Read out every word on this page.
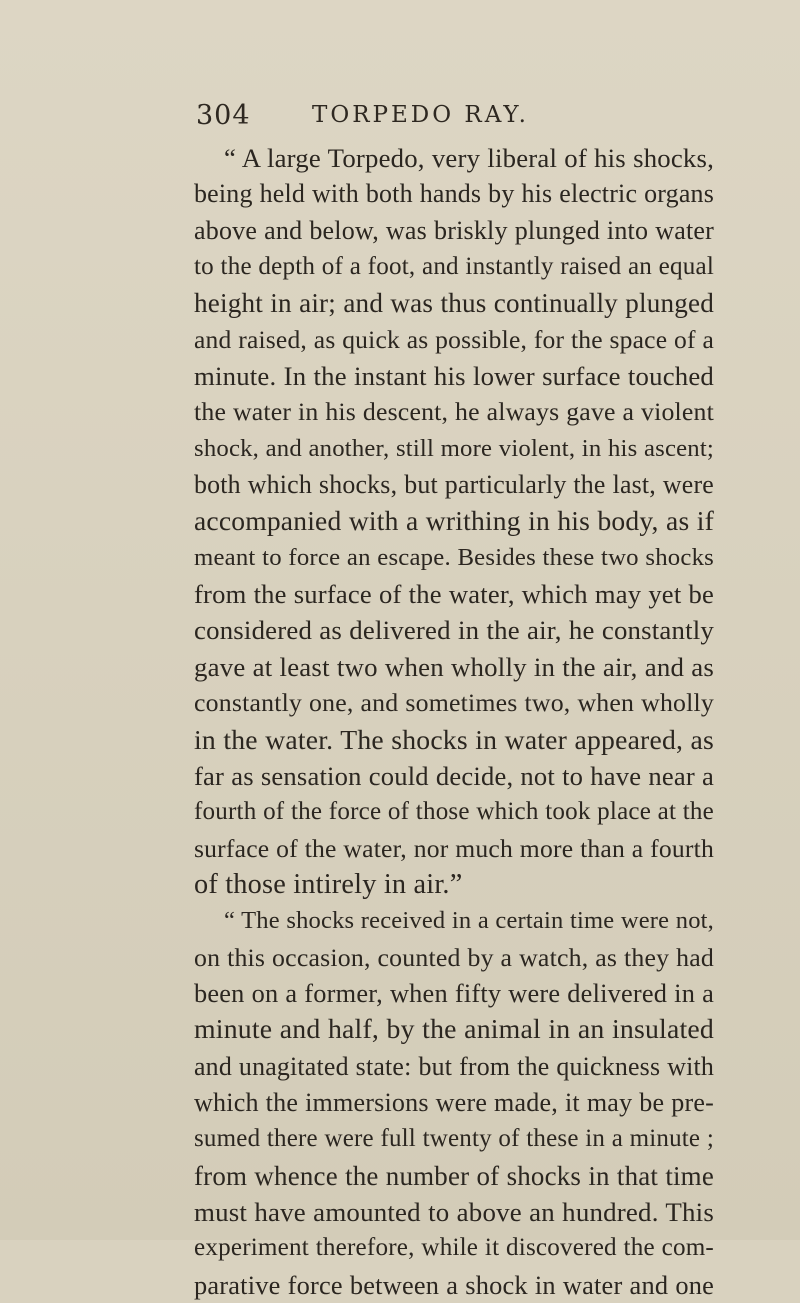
304	TORPEDO RAY.
“ A large Torpedo, very liberal of his shocks,
being held with both hands by his electric organs
above and below, was briskly plunged into water
to the depth of a foot, and instantly raised an equal
height in air; and was thus continually plunged
and raised, as quick as possible, for the space of a
minute. In the instant his lower surface touched
the water in his descent, he always gave a violent
shock, and another, still more violent, in his ascent;
both which shocks, but particularly the last, were
accompanied with a writhing in his body, as if
meant to force an escape. Besides these two shocks
from the surface of the water, which may yet be
considered as delivered in the air, he constantly
gave at least two when wholly in the air, and as
constantly one, and sometimes two, when wholly
in the water. The shocks in water appeared, as
far as sensation could decide, not to have near a
fourth of the force of those which took place at the
surface of the water, nor much more than a fourth
of those intirely in air.”
“ The shocks received in a certain time were not,
on this occasion, counted by a watch, as they had
been on a former, when fifty were delivered in a
minute and half, by the animal in an insulated
and unagitated state: but from the quickness with
which the immersions were made, it may be pre-
sumed there were full twenty of these in a minute ;
from whence the number of shocks in that time
must have amounted to above an hundred. This
experiment therefore, while it discovered the com-
parative force between a shock in water and one
